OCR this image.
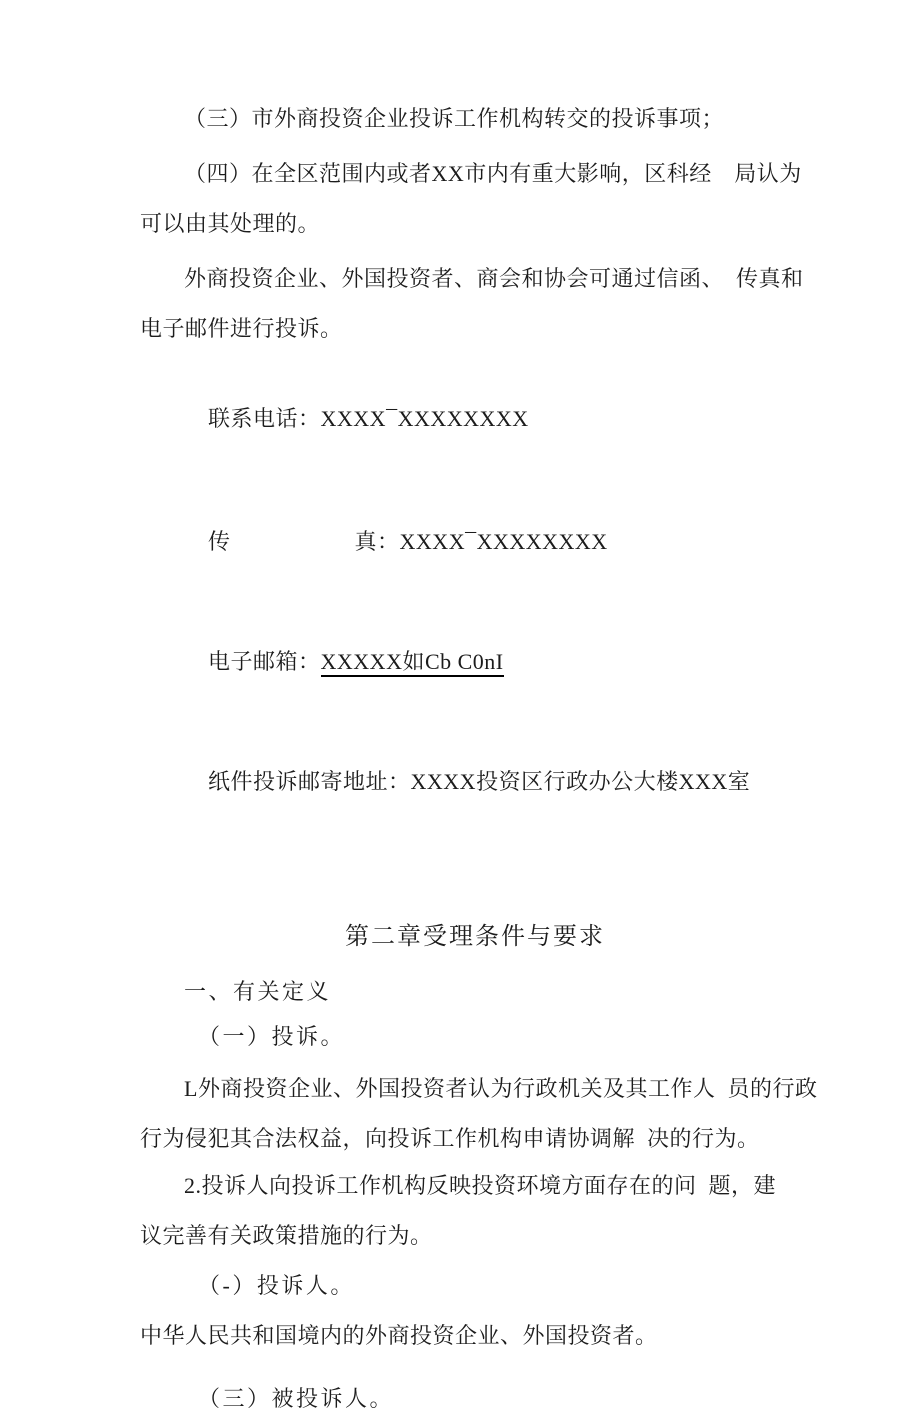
（三）市外商投资企业投诉工作机构转交的投诉事项；
（四）在全区范围内或者XX市内有重大影响，区科经　局认为
可以由其处理的。
外商投资企业、外国投资者、商会和协会可通过信函、  传真和
电子邮件进行投诉。

联系电话：XXXX¯XXXXXXXX

传	真：XXXX¯XXXXXXXX

电子邮箱：XXXXX如Cb C0nI

纸件投诉邮寄地址：XXXX投资区行政办公大楼XXX室

第二章受理条件与要求
一、有关定义
（一）投诉。
L外商投资企业、外国投资者认为行政机关及其工作人  员的行政
行为侵犯其合法权益，向投诉工作机构申请协调解  决的行为。
2.投诉人向投诉工作机构反映投资环境方面存在的问  题，建
议完善有关政策措施的行为。
（-）投诉人。
中华人民共和国境内的外商投资企业、外国投资者。
（三）被投诉人。
